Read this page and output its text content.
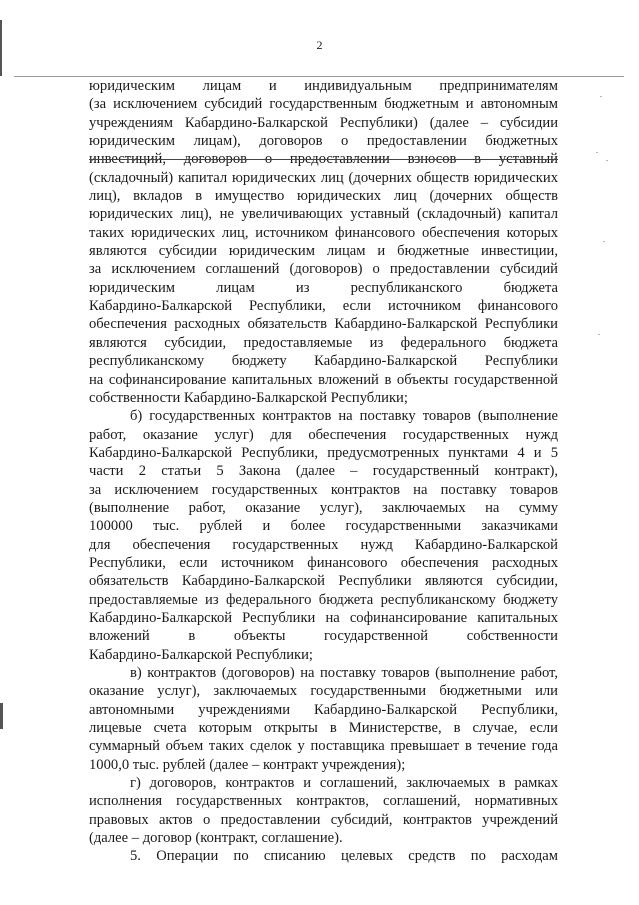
2
юридическим лицам и индивидуальным предпринимателям
(за исключением субсидий государственным бюджетным и автономным
учреждениям Кабардино-Балкарской Республики) (далее – субсидии
юридическим лицам), договоров о предоставлении бюджетных
инвестиций, договоров о предоставлении взносов в уставный
(складочный) капитал юридических лиц (дочерних обществ юридических
лиц), вкладов в имущество юридических лиц (дочерних обществ
юридических лиц), не увеличивающих уставный (складочный) капитал
таких юридических лиц, источником финансового обеспечения которых
являются субсидии юридическим лицам и бюджетные инвестиции,
за исключением соглашений (договоров) о предоставлении субсидий
юридическим лицам из республиканского бюджета
Кабардино-Балкарской Республики, если источником финансового
обеспечения расходных обязательств Кабардино-Балкарской Республики
являются субсидии, предоставляемые из федерального бюджета
республиканскому бюджету Кабардино-Балкарской Республики
на софинансирование капитальных вложений в объекты государственной
собственности Кабардино-Балкарской Республики;
б) государственных контрактов на поставку товаров (выполнение
работ, оказание услуг) для обеспечения государственных нужд
Кабардино-Балкарской Республики, предусмотренных пунктами 4 и 5
части 2 статьи 5 Закона (далее – государственный контракт),
за исключением государственных контрактов на поставку товаров
(выполнение работ, оказание услуг), заключаемых на сумму
100000 тыс. рублей и более государственными заказчиками
для обеспечения государственных нужд Кабардино-Балкарской
Республики, если источником финансового обеспечения расходных
обязательств Кабардино-Балкарской Республики являются субсидии,
предоставляемые из федерального бюджета республиканскому бюджету
Кабардино-Балкарской Республики на софинансирование капитальных
вложений в объекты государственной собственности
Кабардино-Балкарской Республики;
в) контрактов (договоров) на поставку товаров (выполнение работ,
оказание услуг), заключаемых государственными бюджетными или
автономными учреждениями Кабардино-Балкарской Республики,
лицевые счета которым открыты в Министерстве, в случае, если
суммарный объем таких сделок у поставщика превышает в течение года
1000,0 тыс. рублей (далее – контракт учреждения);
г) договоров, контрактов и соглашений, заключаемых в рамках
исполнения государственных контрактов, соглашений, нормативных
правовых актов о предоставлении субсидий, контрактов учреждений
(далее – договор (контракт, соглашение).
5. Операции по списанию целевых средств по расходам
